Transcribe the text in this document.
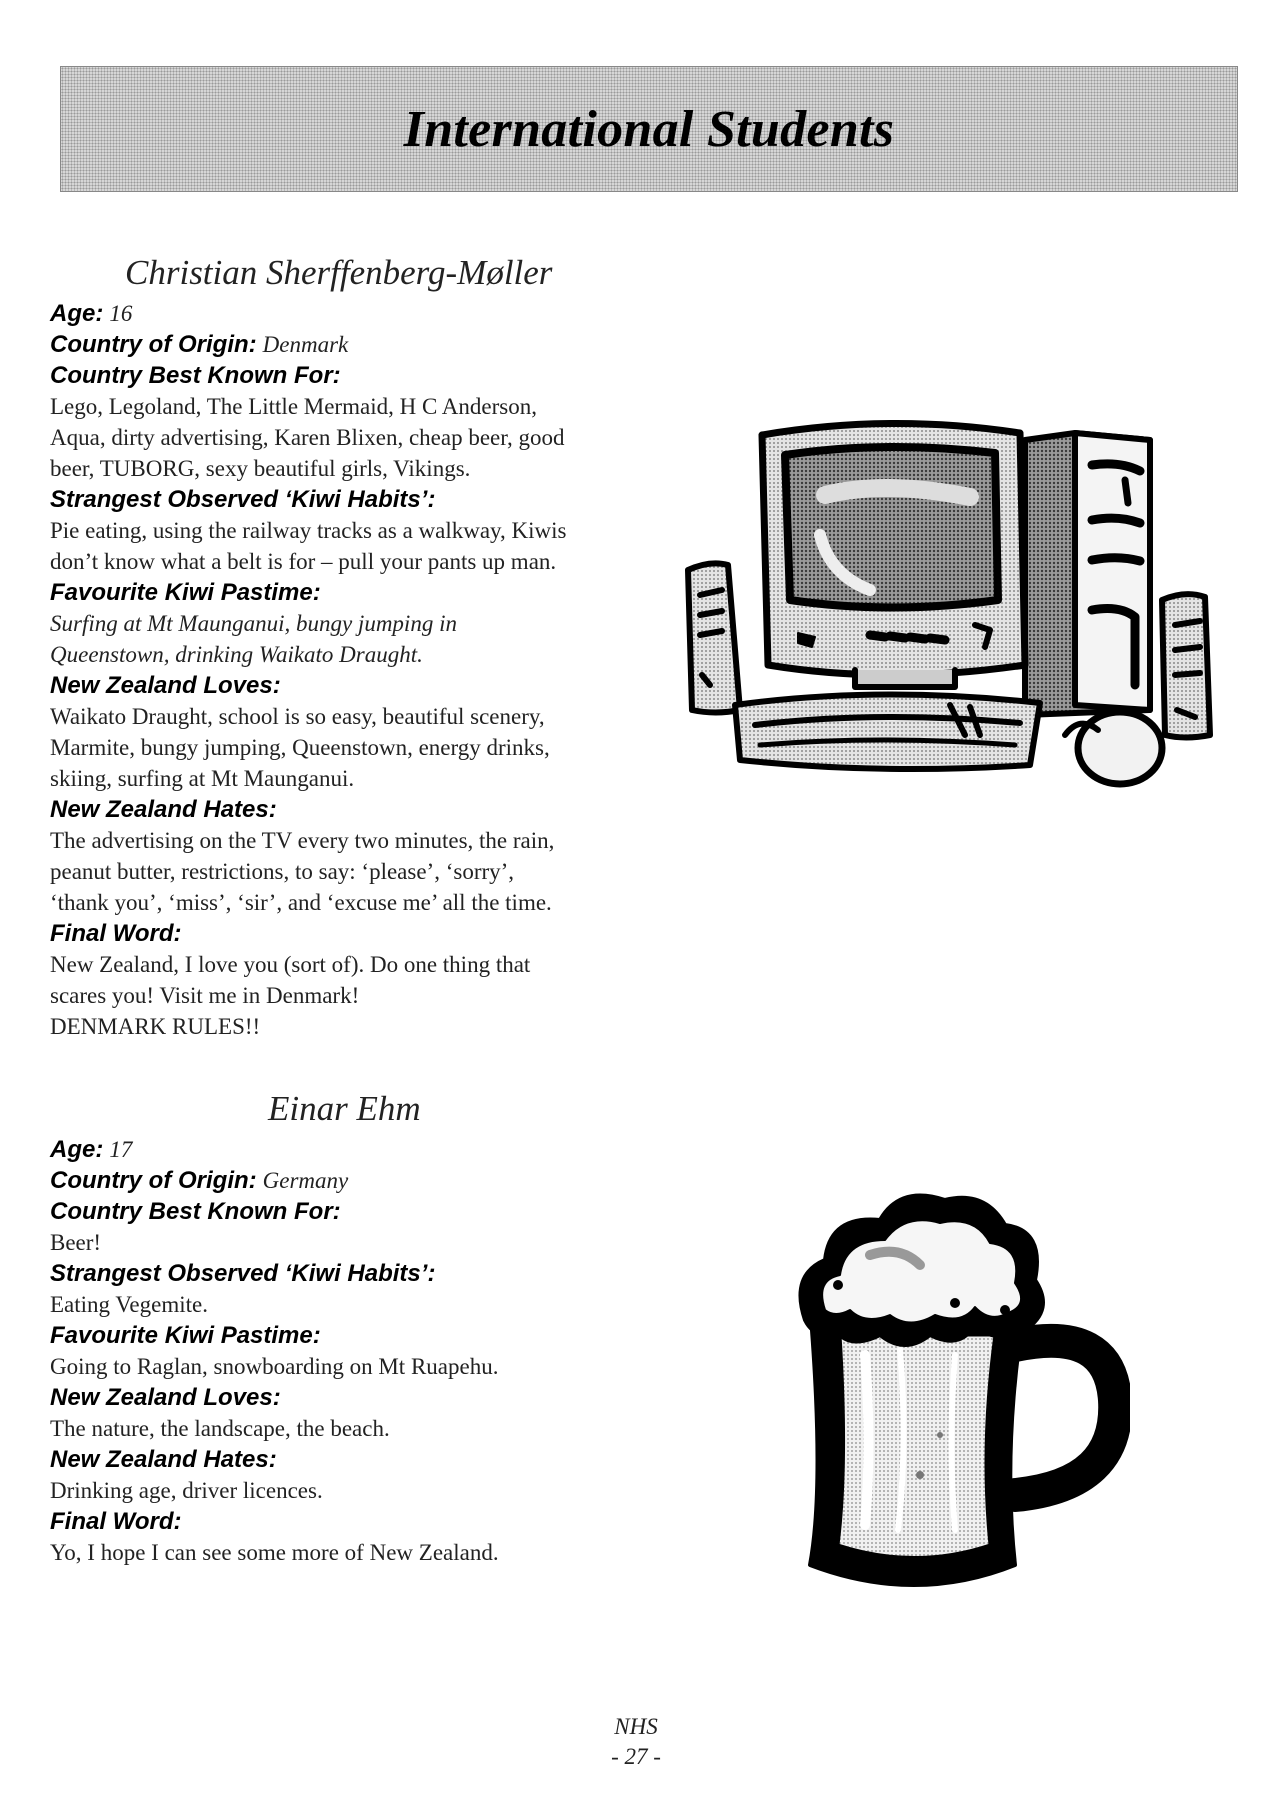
International Students
Christian Sherffenberg-Møller

Age: 16

Country of Origin: Denmark

Country Best Known For:

Lego, Legoland, The Little Mermaid, H C Anderson,
Aqua, dirty advertising, Karen Blixen, cheap beer, good
beer, TUBORG, sexy beautiful girls, Vikings.

Strangest Observed ‘Kiwi Habits’:

Pie eating, using the railway tracks as a walkway, Kiwis
don’t know what a belt is for – pull your pants up man.

Favourite Kiwi Pastime:

Surfing at Mt Maunganui, bungy jumping in
Queenstown, drinking Waikato Draught.

New Zealand Loves:

Waikato Draught, school is so easy, beautiful scenery,
Marmite, bungy jumping, Queenstown, energy drinks,
skiing, surfing at Mt Maunganui.

New Zealand Hates:

The advertising on the TV every two minutes, the rain,
peanut butter, restrictions, to say: ‘please’, ‘sorry’,
‘thank you’, ‘miss’, ‘sir’, and ‘excuse me’ all the time.

Final Word:

New Zealand, I love you (sort of). Do one thing that
scares you! Visit me in Denmark!
DENMARK RULES!!

Einar Ehm

Age: 17

Country of Origin: Germany

Country Best Known For:

Beer!

Strangest Observed ‘Kiwi Habits’:

Eating Vegemite.

Favourite Kiwi Pastime:

Going to Raglan, snowboarding on Mt Ruapehu.

New Zealand Loves:

The nature, the landscape, the beach.

New Zealand Hates:

Drinking age, driver licences.

Final Word:

Yo, I hope I can see some more of New Zealand.

NHS
- 27 -
